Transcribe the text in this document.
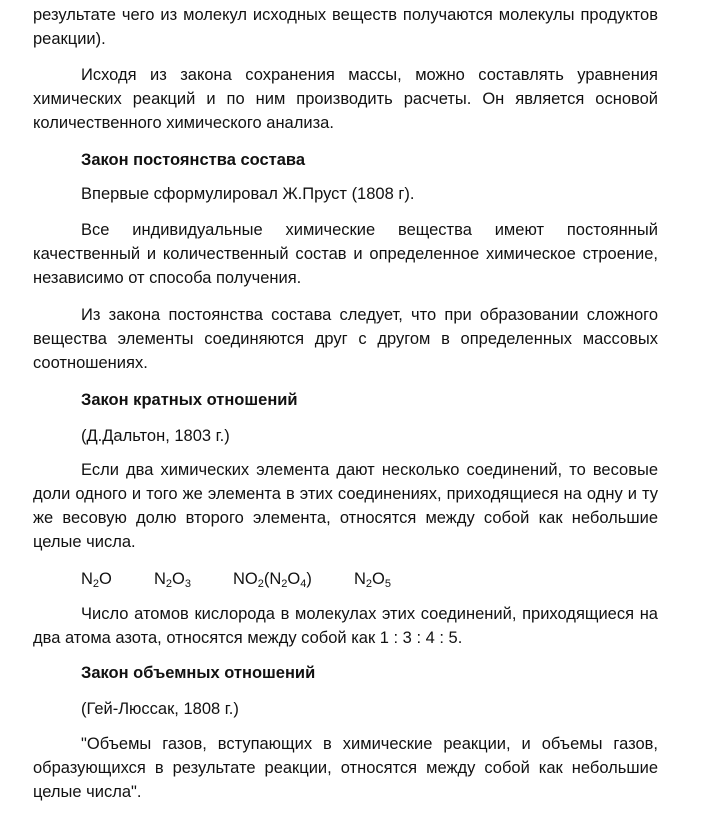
результате чего из молекул исходных веществ получаются молекулы продуктов реакции).

Исходя из закона сохранения массы, можно составлять уравнения химических реакций и по ним производить расчеты. Он является основой количественного химического анализа.

Закон постоянства состава

Впервые сформулировал Ж.Пруст (1808 г).

Все индивидуальные химические вещества имеют постоянный качественный и количественный состав и определенное химическое строение, независимо от способа получения.

Из закона постоянства состава следует, что при образовании сложного вещества элементы соединяются друг с другом в определенных массовых соотношениях.

Закон кратных отношений

(Д.Дальтон, 1803 г.)

Если два химических элемента дают несколько соединений, то весовые доли одного и того же элемента в этих соединениях, приходящиеся на одну и ту же весовую долю второго элемента, относятся между собой как небольшие целые числа.

$N_2O$	$N_2O_3$	$NO_2(N_2O_4)$	$N_2O_5$

Число атомов кислорода в молекулах этих соединений, приходящиеся на два атома азота, относятся между собой как 1 : 3 : 4 : 5.

Закон объемных отношений

(Гей-Люссак, 1808 г.)

"Объемы газов, вступающих в химические реакции, и объемы газов, образующихся в результате реакции, относятся между собой как небольшие целые числа".
